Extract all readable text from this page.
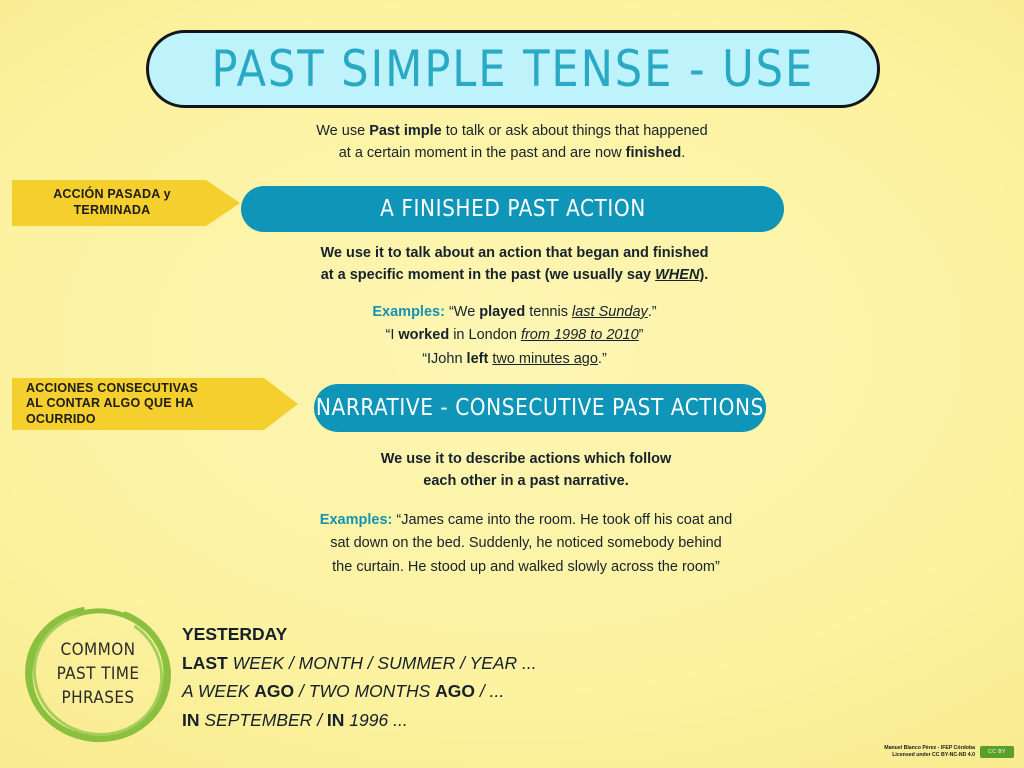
PAST SIMPLE TENSE - USE
We use Past imple to talk or ask about things that happened
at a certain moment in the past and are now finished.
ACCIÓN PASADA y
TERMINADA	A FINISHED PAST ACTION
We use it to talk about an action that began and finished
at a specific moment in the past (we usually say WHEN).
Examples: “We played tennis last Sunday.”
“I worked in London from 1998 to 2010”
“IJohn left two minutes ago.”
ACCIONES CONSECUTIVAS
AL CONTAR ALGO QUE HA
OCURRIDO	NARRATIVE - CONSECUTIVE PAST ACTIONS
We use it to describe actions which follow
each other in a past narrative.
Examples: “James came into the room. He took off his coat and
sat down on the bed. Suddenly, he noticed somebody behind
the curtain. He stood up and walked slowly across the room”
COMMON
PAST TIME
PHRASES
YESTERDAY
LAST WEEK / MONTH / SUMMER / YEAR ...
A WEEK AGO / TWO MONTHS AGO / ...
IN SEPTEMBER / IN 1996 ...
Manuel Blanco Pérez - IFEP Córdoba
Licensed under CC BY-NC-ND 4.0	CC BY
